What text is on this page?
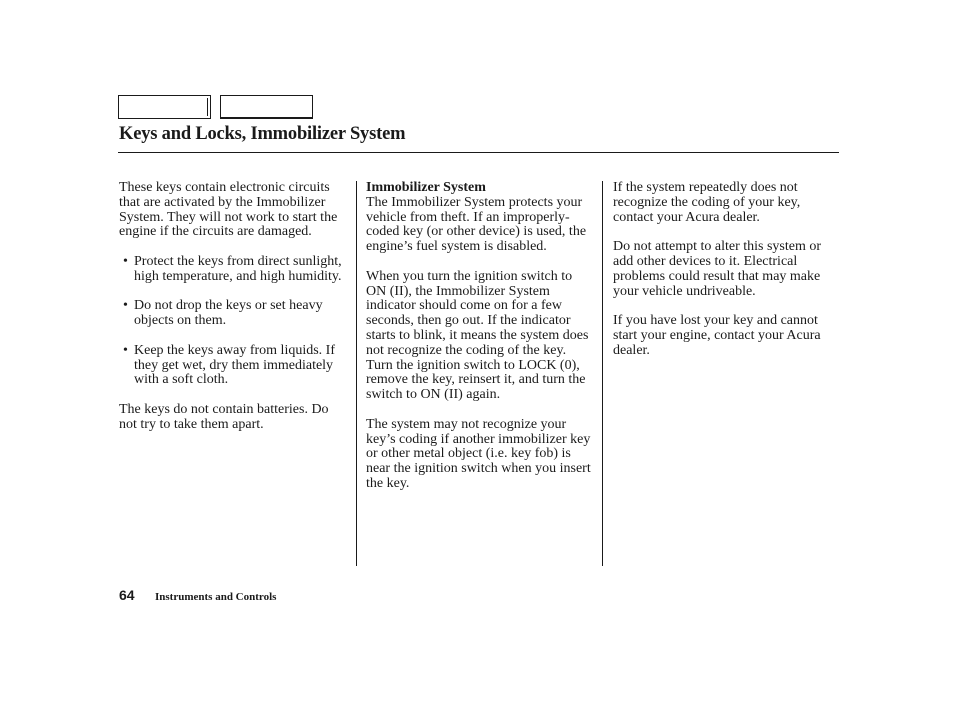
Keys and Locks, Immobilizer System

These keys contain electronic circuits that are activated by the Immobilizer System. They will not work to start the engine if the circuits are damaged.

• Protect the keys from direct sunlight, high temperature, and high humidity.
• Do not drop the keys or set heavy objects on them.
• Keep the keys away from liquids. If they get wet, dry them immediately with a soft cloth.

The keys do not contain batteries. Do not try to take them apart.

Immobilizer System
The Immobilizer System protects your vehicle from theft. If an improperly-coded key (or other device) is used, the engine’s fuel system is disabled.

When you turn the ignition switch to ON (II), the Immobilizer System indicator should come on for a few seconds, then go out. If the indicator starts to blink, it means the system does not recognize the coding of the key. Turn the ignition switch to LOCK (0), remove the key, reinsert it, and turn the switch to ON (II) again.

The system may not recognize your key’s coding if another immobilizer key or other metal object (i.e. key fob) is near the ignition switch when you insert the key.

If the system repeatedly does not recognize the coding of your key, contact your Acura dealer.

Do not attempt to alter this system or add other devices to it. Electrical problems could result that may make your vehicle undriveable.

If you have lost your key and cannot start your engine, contact your Acura dealer.

64 Instruments and Controls
